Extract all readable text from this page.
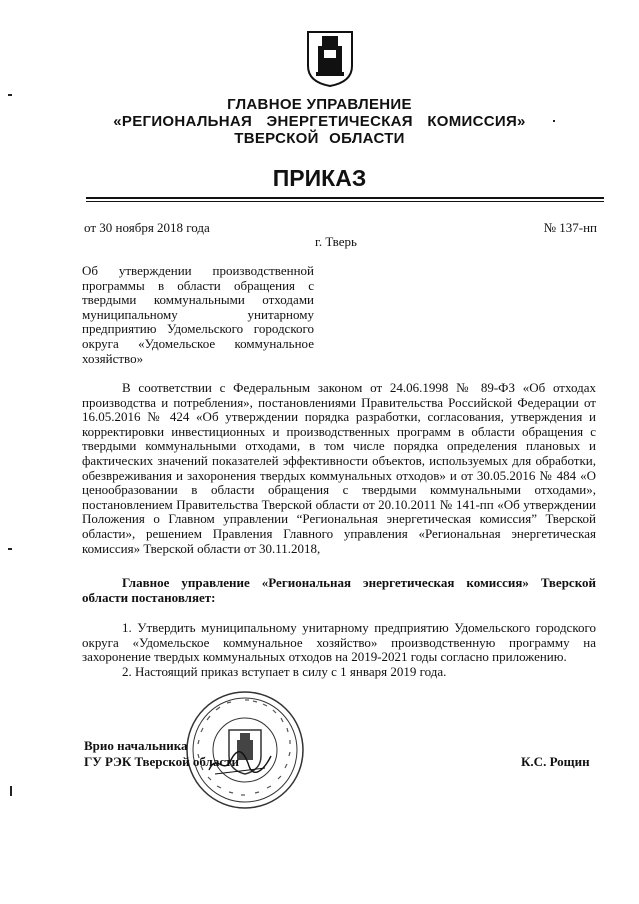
ГЛАВНОЕ УПРАВЛЕНИЕ
«РЕГИОНАЛЬНАЯ ЭНЕРГЕТИЧЕСКАЯ КОМИССИЯ»
ТВЕРСКОЙ ОБЛАСТИ
ПРИКАЗ
от 30 ноября 2018 года	№ 137-нп
г. Тверь
Об утверждении производственной программы в области обращения с твердыми коммунальными отходами муниципальному унитарному предприятию Удомельского городского округа «Удомельское коммунальное хозяйство»
В соответствии с Федеральным законом от 24.06.1998 № 89-ФЗ «Об отходах производства и потребления», постановлениями Правительства Российской Федерации от 16.05.2016 № 424 «Об утверждении порядка разработки, согласования, утверждения и корректировки инвестиционных и производственных программ в области обращения с твердыми коммунальными отходами, в том числе порядка определения плановых и фактических значений показателей эффективности объектов, используемых для обработки, обезвреживания и захоронения твердых коммунальных отходов» и от 30.05.2016 № 484 «О ценообразовании в области обращения с твердыми коммунальными отходами», постановлением Правительства Тверской области от 20.10.2011 № 141-пп «Об утверждении Положения о Главном управлении “Региональная энергетическая комиссия” Тверской области», решением Правления Главного управления «Региональная энергетическая комиссия» Тверской области от 30.11.2018,
Главное управление «Региональная энергетическая комиссия» Тверской области постановляет:
1. Утвердить муниципальному унитарному предприятию Удомельского городского округа «Удомельское коммунальное хозяйство» производственную программу на захоронение твердых коммунальных отходов на 2019-2021 годы согласно приложению.
2. Настоящий приказ вступает в силу с 1 января 2019 года.
Врио начальника
ГУ РЭК Тверской области	К.С. Рощин
